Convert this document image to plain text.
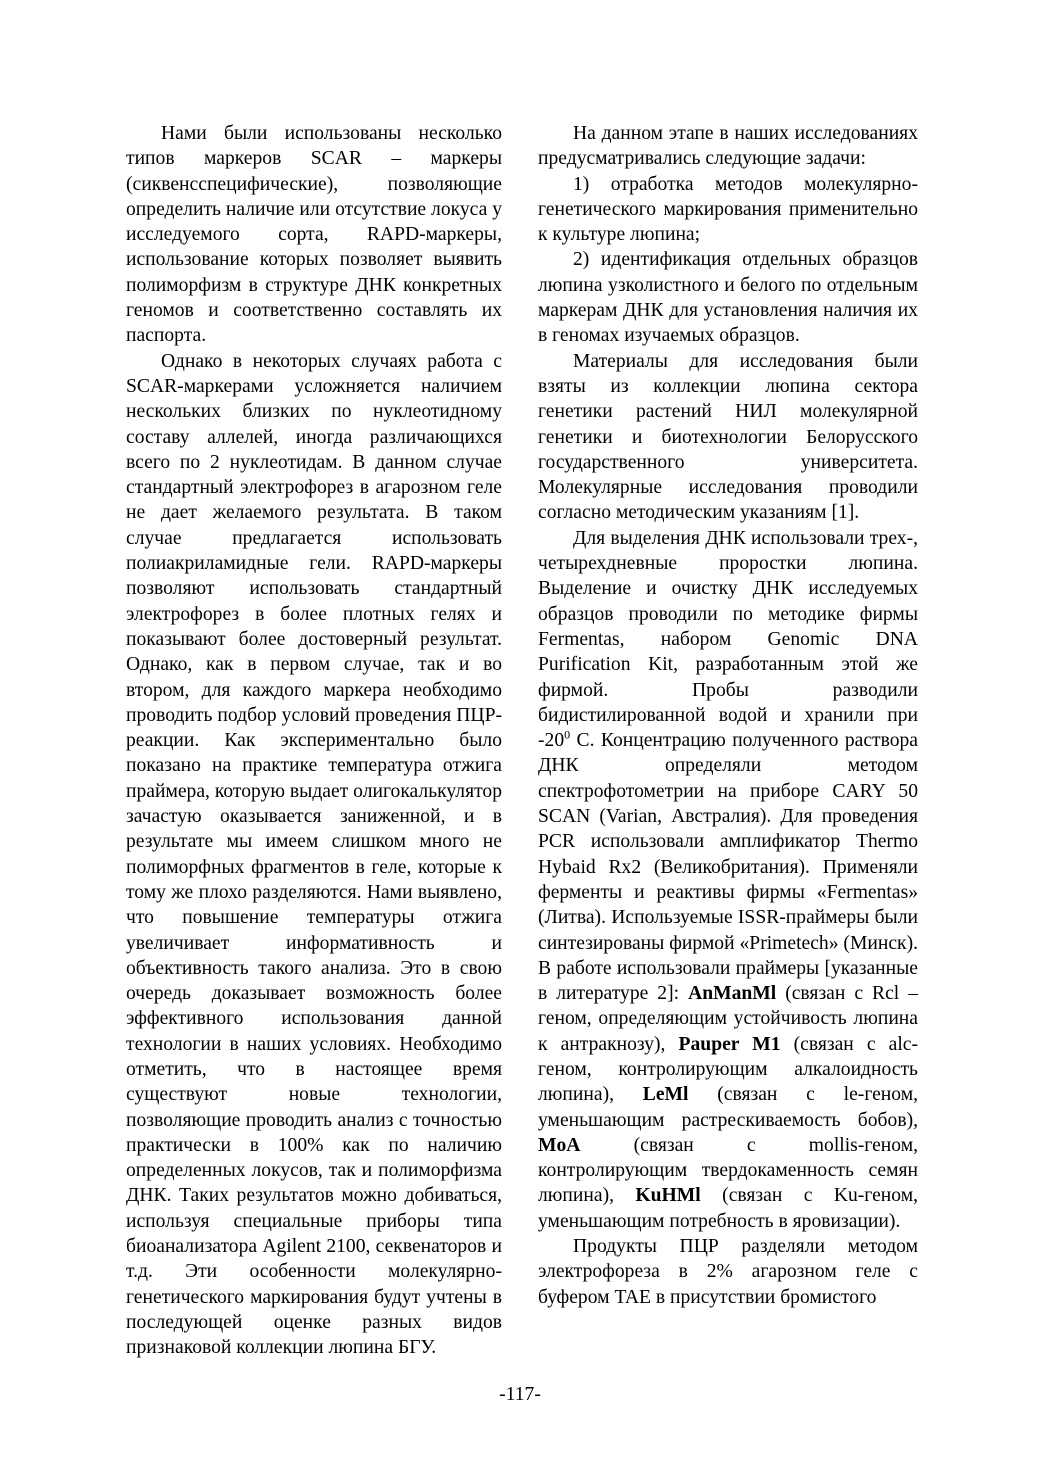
Нами были использованы несколько типов маркеров SCAR – маркеры (сиквенсспецифические), позволяющие определить наличие или отсутствие локуса у исследуемого сорта, RAPD-маркеры, использование которых позволяет выявить полиморфизм в структуре ДНК конкретных геномов и соответственно составлять их паспорта.

Однако в некоторых случаях работа с SCAR-маркерами усложняется наличием нескольких близких по нуклеотидному составу аллелей, иногда различающихся всего по 2 нуклеотидам. В данном случае стандартный электрофорез в агарозном геле не дает желаемого результата. В таком случае предлагается использовать полиакриламидные гели. RAPD-маркеры позволяют использовать стандартный электрофорез в более плотных гелях и показывают более достоверный результат. Однако, как в первом случае, так и во втором, для каждого маркера необходимо проводить подбор условий проведения ПЦР-реакции. Как экспериментально было показано на практике температура отжига праймера, которую выдает олигокалькулятор зачастую оказывается заниженной, и в результате мы имеем слишком много не полиморфных фрагментов в геле, которые к тому же плохо разделяются. Нами выявлено, что повышение температуры отжига увеличивает информативность и объективность такого анализа. Это в свою очередь доказывает возможность более эффективного использования данной технологии в наших условиях. Необходимо отметить, что в настоящее время существуют новые технологии, позволяющие проводить анализ с точностью практически в 100% как по наличию определенных локусов, так и полиморфизма ДНК. Таких результатов можно добиваться, используя специальные приборы типа биоанализатора Agilent 2100, секвенаторов и т.д. Эти особенности молекулярно-генетического маркирования будут учтены в последующей оценке разных видов признаковой коллекции люпина БГУ.

На данном этапе в наших исследованиях предусматривались следующие задачи:

1) отработка методов молекулярно-генетического маркирования применительно к культуре люпина;

2) идентификация отдельных образцов люпина узколистного и белого по отдельным маркерам ДНК для установления наличия их в геномах изучаемых образцов.

Материалы для исследования были взяты из коллекции люпина сектора генетики растений НИЛ молекулярной генетики и биотехнологии Белорусского государственного университета. Молекулярные исследования проводили согласно методическим указаниям [1].

Для выделения ДНК использовали трех-, четырехдневные проростки люпина. Выделение и очистку ДНК исследуемых образцов проводили по методике фирмы Fermentas, набором Genomic DNA Purification Kit, разработанным этой же фирмой. Пробы разводили бидистилированной водой и хранили при $-20^0$ С. Концентрацию полученного раствора ДНК определяли методом спектрофотометрии на приборе CARY 50 SCAN (Varian, Австралия). Для проведения PCR использовали амплификатор Thermo Hybaid Rx2 (Великобритания). Применяли ферменты и реактивы фирмы «Fermentas» (Литва). Используемые ISSR-праймеры были синтезированы фирмой «Primetech» (Минск). В работе использовали праймеры [указанные в литературе 2]: AnManMl (связан с Rcl –геном, определяющим устойчивость люпина к антракнозу), Pauper M1 (связан с alc-геном, контролирующим алкалоидность люпина), LeMl (связан с le-геном, уменьшающим растрескиваемость бобов), MoA (связан с mollis-геном, контролирующим твердокаменность семян люпина), KuHMl (связан с Ku-геном, уменьшающим потребность в яровизации).

Продукты ПЦР разделяли методом электрофореза в 2% агарозном геле с буфером TAE в присутствии бромистого

-117-
